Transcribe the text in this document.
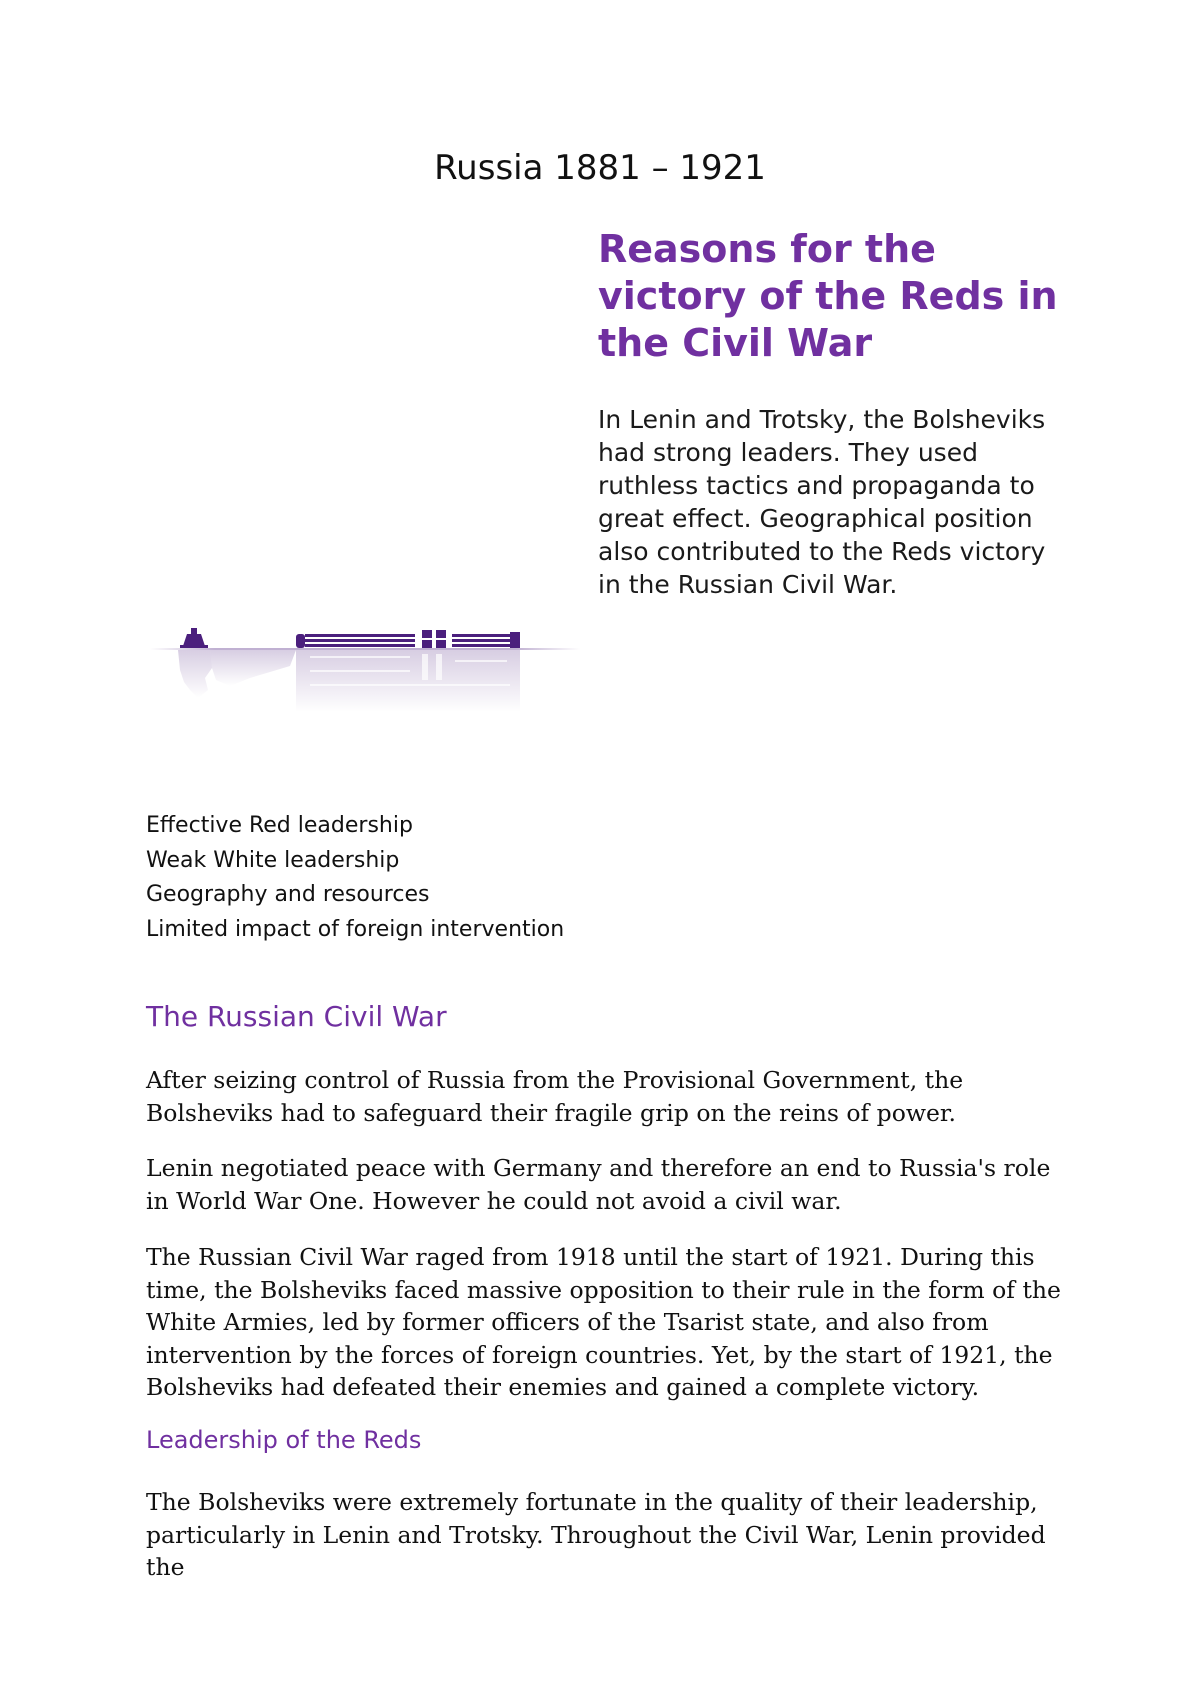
Russia 1881 – 1921
Reasons for the victory of the Reds in the Civil War

In Lenin and Trotsky, the Bolsheviks had strong leaders. They used ruthless tactics and propaganda to great effect. Geographical position also contributed to the Reds victory in the Russian Civil War.

Effective Red leadership
Weak White leadership
Geography and resources
Limited impact of foreign intervention
The Russian Civil War

After seizing control of Russia from the Provisional Government, the Bolsheviks had to safeguard their fragile grip on the reins of power.

Lenin negotiated peace with Germany and therefore an end to Russia's role in World War One. However he could not avoid a civil war.

The Russian Civil War raged from 1918 until the start of 1921. During this time, the Bolsheviks faced massive opposition to their rule in the form of the White Armies, led by former officers of the Tsarist state, and also from intervention by the forces of foreign countries. Yet, by the start of 1921, the Bolsheviks had defeated their enemies and gained a complete victory.

Leadership of the Reds

The Bolsheviks were extremely fortunate in the quality of their leadership, particularly in Lenin and Trotsky. Throughout the Civil War, Lenin provided the
